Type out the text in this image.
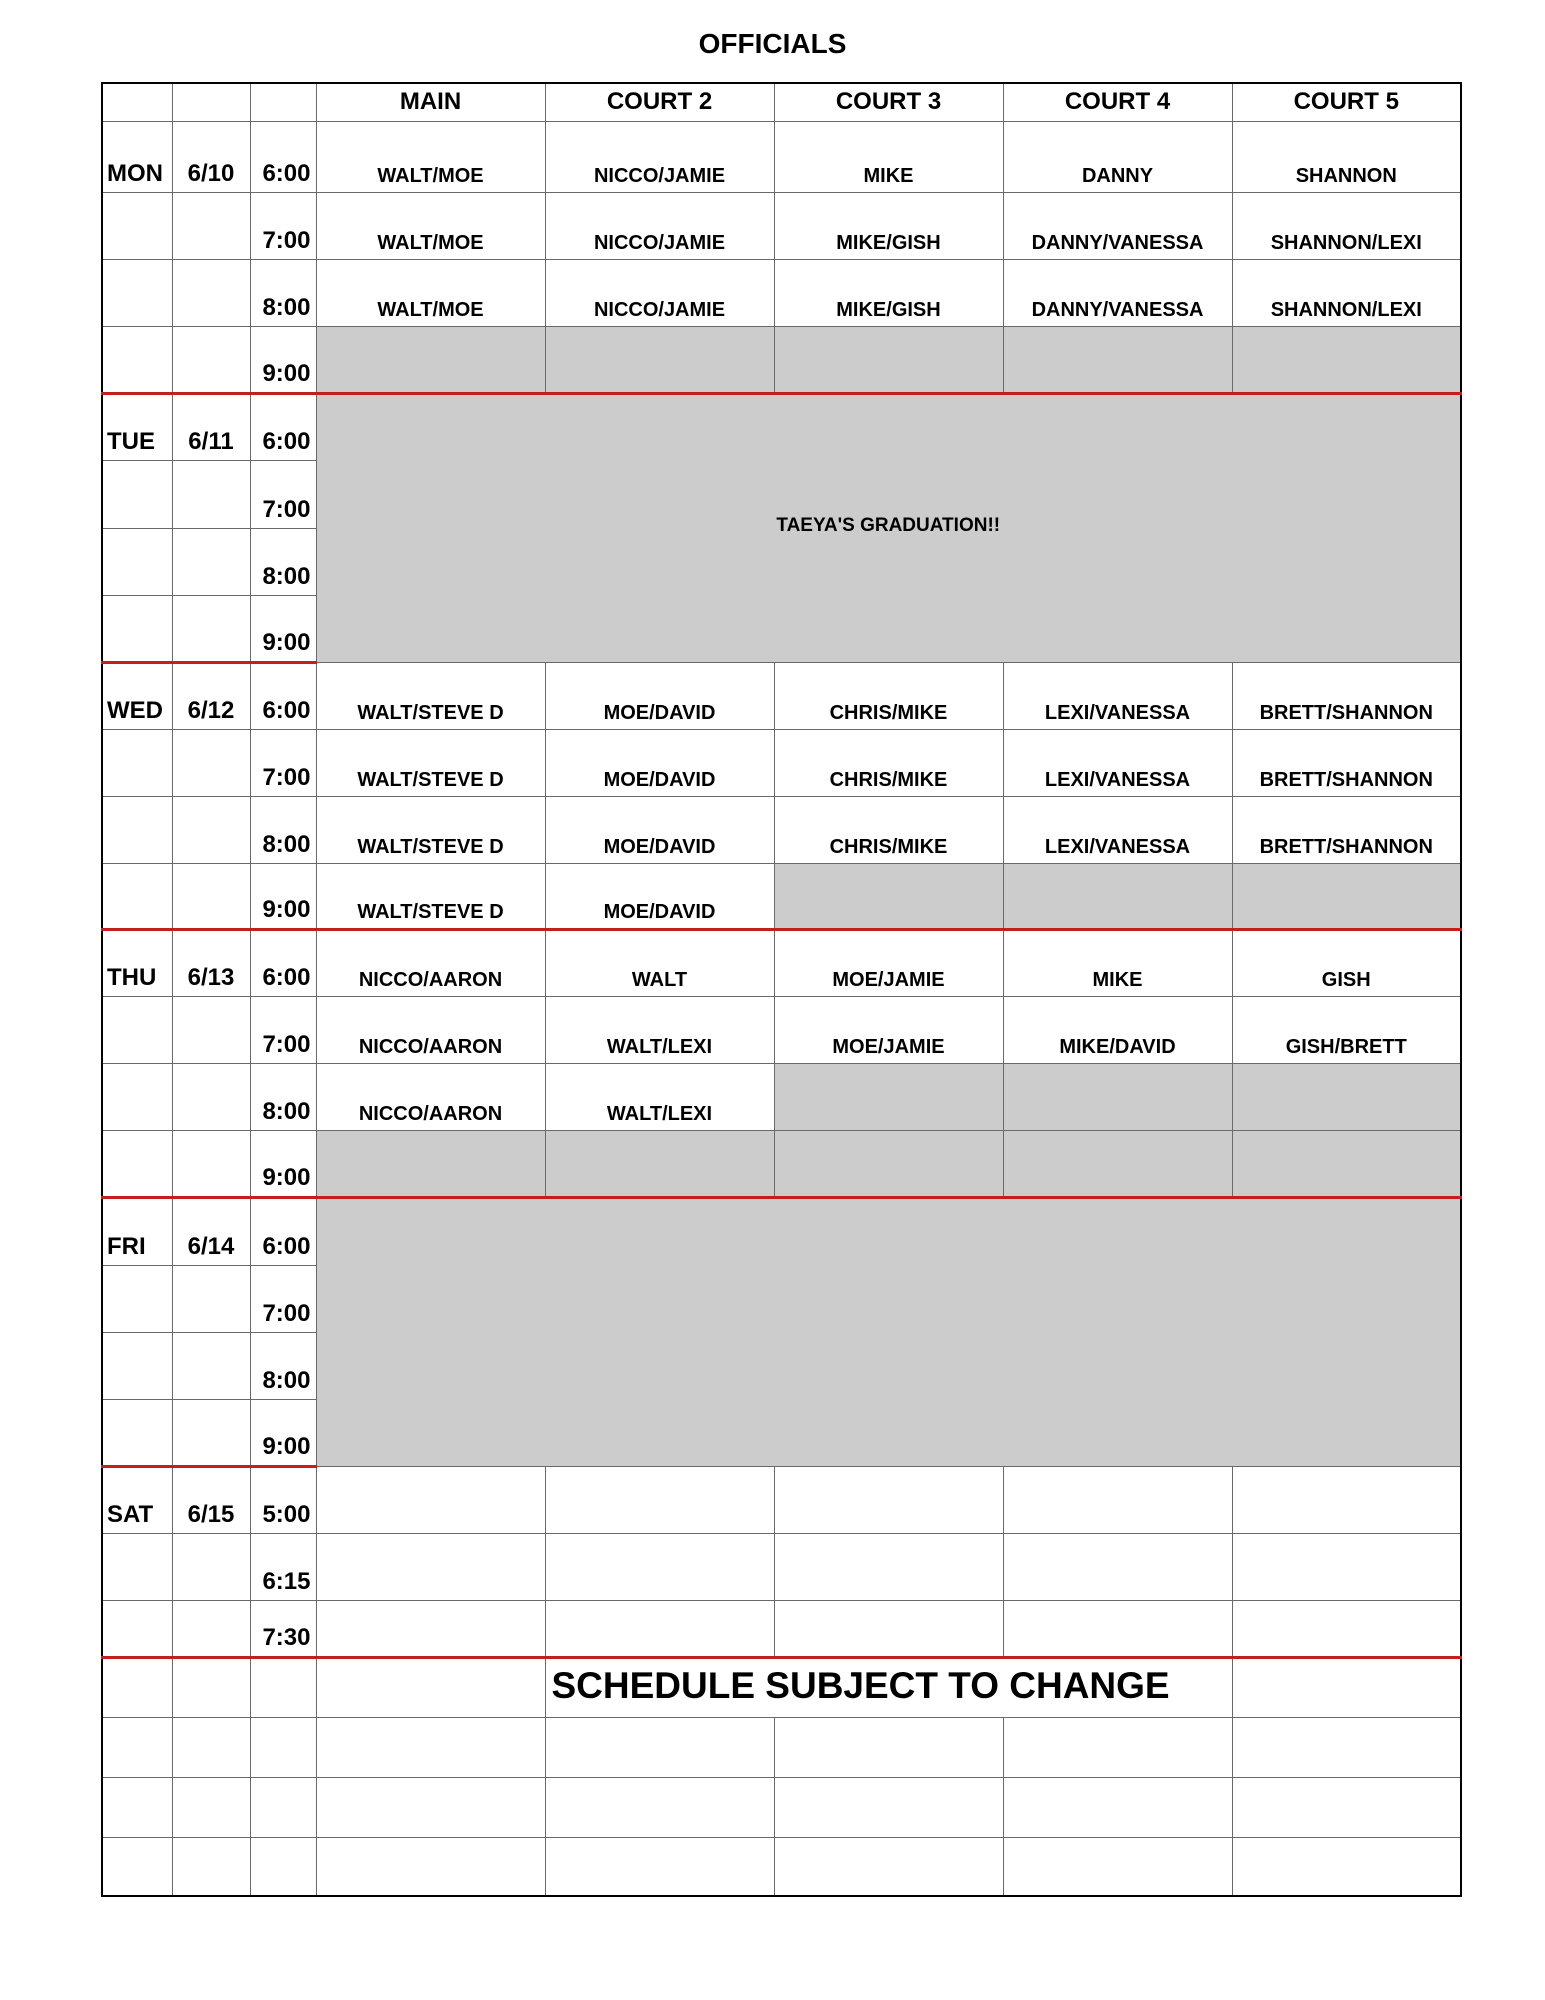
OFFICIALS
			MAIN	COURT 2	COURT 3	COURT 4	COURT 5
MON	6/10	6:00	WALT/MOE	NICCO/JAMIE	MIKE	DANNY	SHANNON
		7:00	WALT/MOE	NICCO/JAMIE	MIKE/GISH	DANNY/VANESSA	SHANNON/LEXI
		8:00	WALT/MOE	NICCO/JAMIE	MIKE/GISH	DANNY/VANESSA	SHANNON/LEXI
		9:00					
TUE	6/11	6:00	TAEYA'S GRADUATION!!				
		7:00					
		8:00					
		9:00					
WED	6/12	6:00	WALT/STEVE D	MOE/DAVID	CHRIS/MIKE	LEXI/VANESSA	BRETT/SHANNON
		7:00	WALT/STEVE D	MOE/DAVID	CHRIS/MIKE	LEXI/VANESSA	BRETT/SHANNON
		8:00	WALT/STEVE D	MOE/DAVID	CHRIS/MIKE	LEXI/VANESSA	BRETT/SHANNON
		9:00	WALT/STEVE D	MOE/DAVID			
THU	6/13	6:00	NICCO/AARON	WALT	MOE/JAMIE	MIKE	GISH
		7:00	NICCO/AARON	WALT/LEXI	MOE/JAMIE	MIKE/DAVID	GISH/BRETT
		8:00	NICCO/AARON	WALT/LEXI			
		9:00					
FRI	6/14	6:00					
		7:00					
		8:00					
		9:00					
SAT	6/15	5:00					
		6:15					
		7:30					
				SCHEDULE SUBJECT TO CHANGE			
